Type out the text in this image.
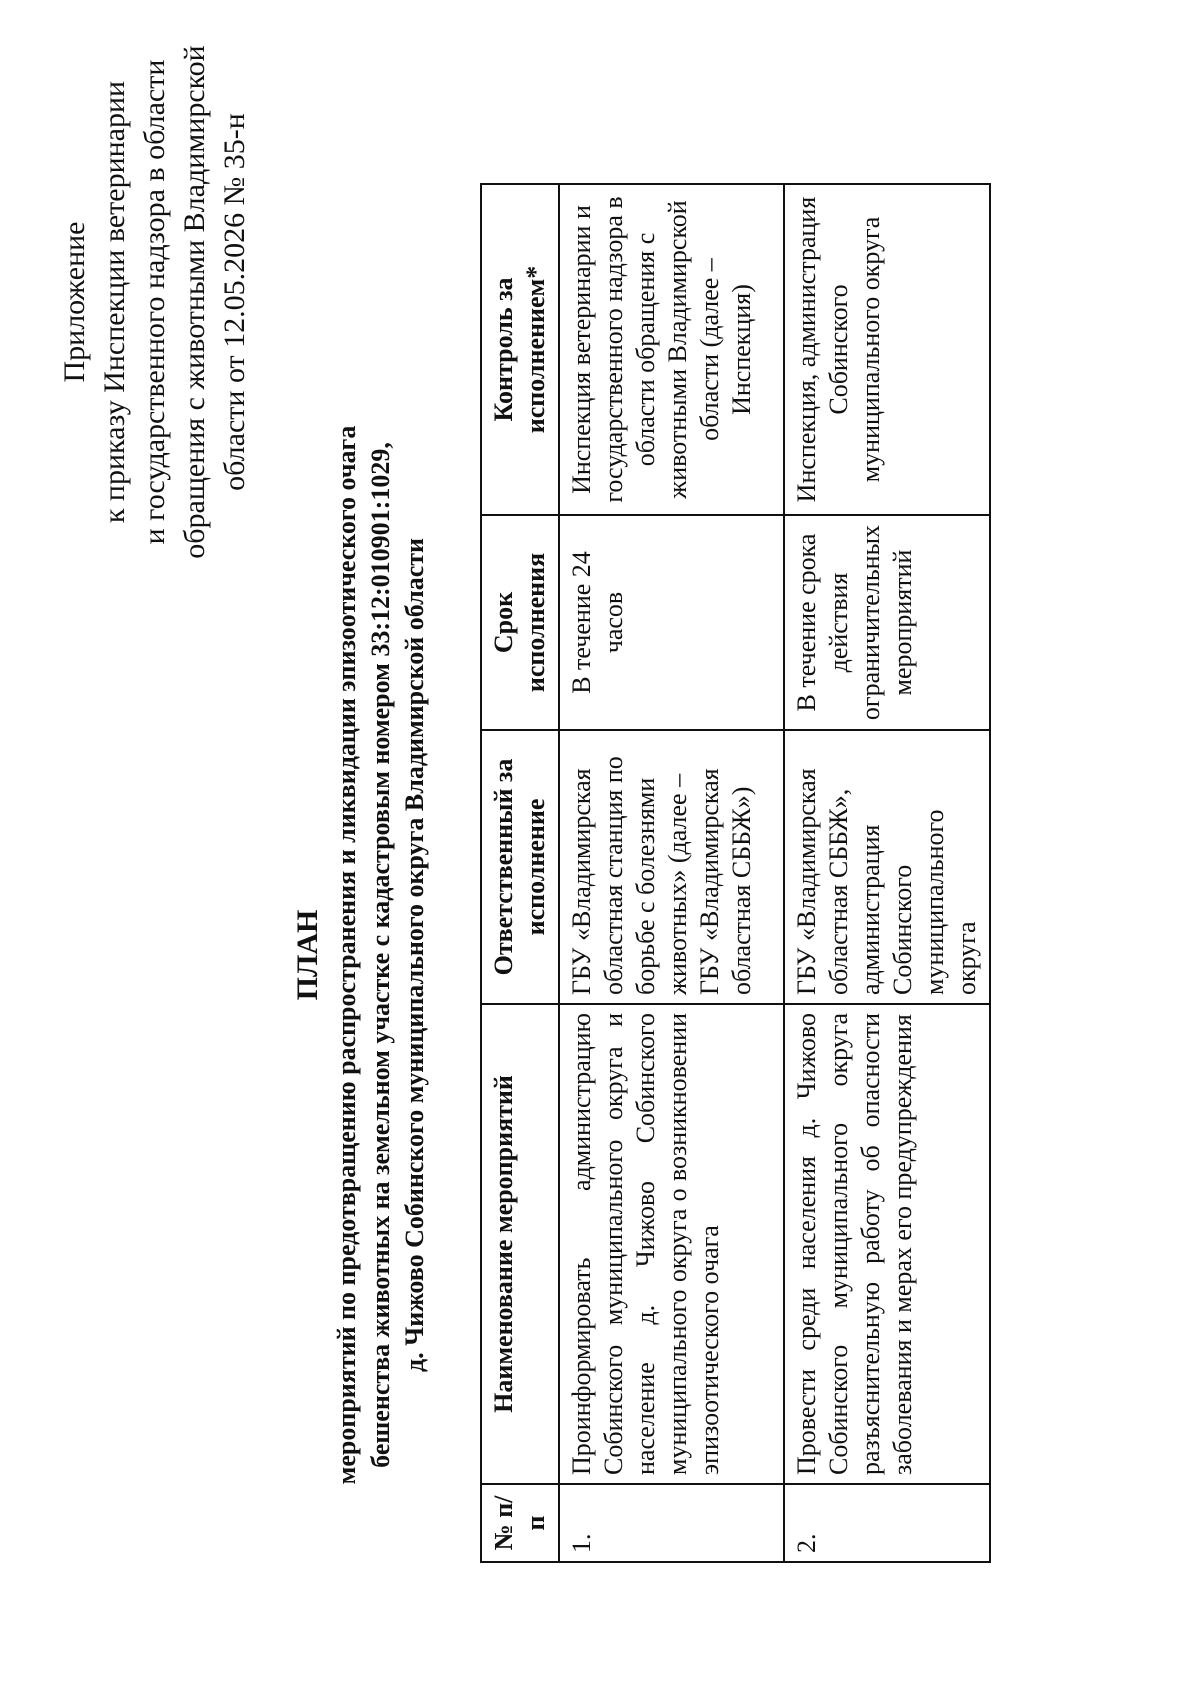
Приложение к приказу Инспекции ветеринарии и государственного надзора в области обращения с животными Владимирской области от 12.05.2026 № 35-н
ПЛАН мероприятий по предотвращению распространения и ликвидации эпизоотического очага бешенства животных на земельном участке с кадастровым номером 33:12:010901:1029, д. Чижово Собинского муниципального округа Владимирской области
№ п/п	Наименование мероприятий	Ответственный за исполнение	Срок исполнения	Контроль за исполнением*
1.	Проинформировать администрацию Собинского муниципального округа и население д. Чижово Собинского муниципального округа о возникновении эпизоотического очага	ГБУ «Владимирская областная станция по борьбе с болезнями животных» (далее – ГБУ «Владимирская областная СББЖ»)	В течение 24 часов	Инспекция ветеринарии и государственного надзора в области обращения с животными Владимирской области (далее – Инспекция)
2.	Провести среди населения д. Чижово Собинского муниципального округа разъяснительную работу об опасности заболевания и мерах его предупреждения	ГБУ «Владимирская областная СББЖ», администрация Собинского муниципального округа	В течение срока действия ограничительных мероприятий	Инспекция, администрация Собинского муниципального округа
